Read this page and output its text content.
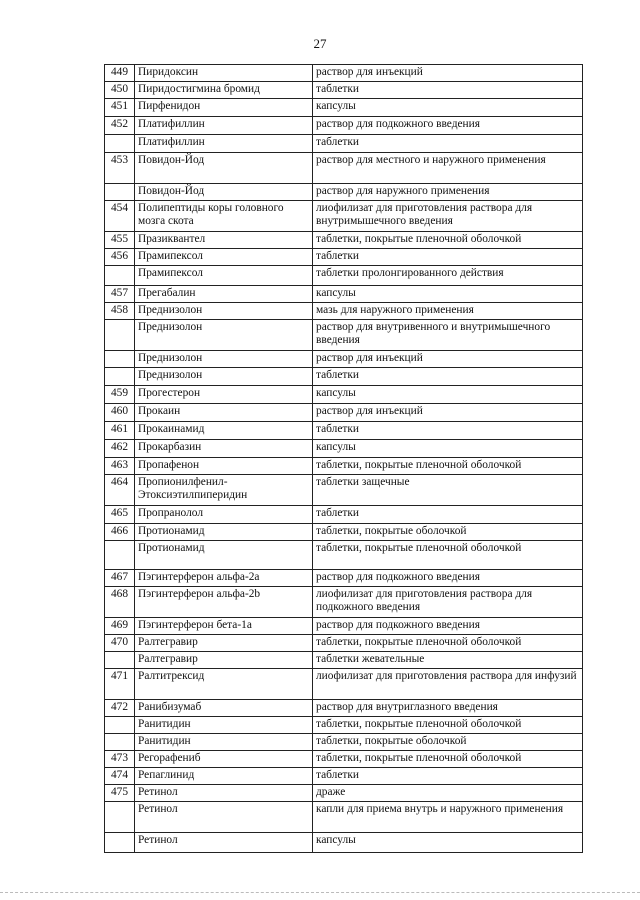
27
449	Пиридоксин	раствор для инъекций
450	Пиридостигмина бромид	таблетки
451	Пирфенидон	капсулы
452	Платифиллин	раствор для подкожного введения
	Платифиллин	таблетки
453	Повидон-Йод	раствор для местного и наружного применения
	Повидон-Йод	раствор для наружного применения
454	Полипептиды коры головного мозга скота	лиофилизат для приготовления раствора для внутримышечного введения
455	Празиквантел	таблетки, покрытые пленочной оболочкой
456	Прамипексол	таблетки
	Прамипексол	таблетки пролонгированного действия
457	Прегабалин	капсулы
458	Преднизолон	мазь для наружного применения
	Преднизолон	раствор для внутривенного и внутримышечного введения
	Преднизолон	раствор для инъекций
	Преднизолон	таблетки
459	Прогестерон	капсулы
460	Прокаин	раствор для инъекций
461	Прокаинамид	таблетки
462	Прокарбазин	капсулы
463	Пропафенон	таблетки, покрытые пленочной оболочкой
464	Пропионилфенил-Этоксиэтилпиперидин	таблетки защечные
465	Пропранолол	таблетки
466	Протионамид	таблетки, покрытые оболочкой
	Протионамид	таблетки, покрытые пленочной оболочкой
467	Пэгинтерферон альфа-2а	раствор для подкожного введения
468	Пэгинтерферон альфа-2b	лиофилизат для приготовления раствора для подкожного введения
469	Пэгинтерферон бета-1а	раствор для подкожного введения
470	Ралтегравир	таблетки, покрытые пленочной оболочкой
	Ралтегравир	таблетки жевательные
471	Ралтитрексид	лиофилизат для приготовления раствора для инфузий
472	Ранибизумаб	раствор для внутриглазного введения
	Ранитидин	таблетки, покрытые пленочной оболочкой
	Ранитидин	таблетки, покрытые оболочкой
473	Регорафениб	таблетки, покрытые пленочной оболочкой
474	Репаглинид	таблетки
475	Ретинол	драже
	Ретинол	капли для приема внутрь и наружного применения
	Ретинол	капсулы
